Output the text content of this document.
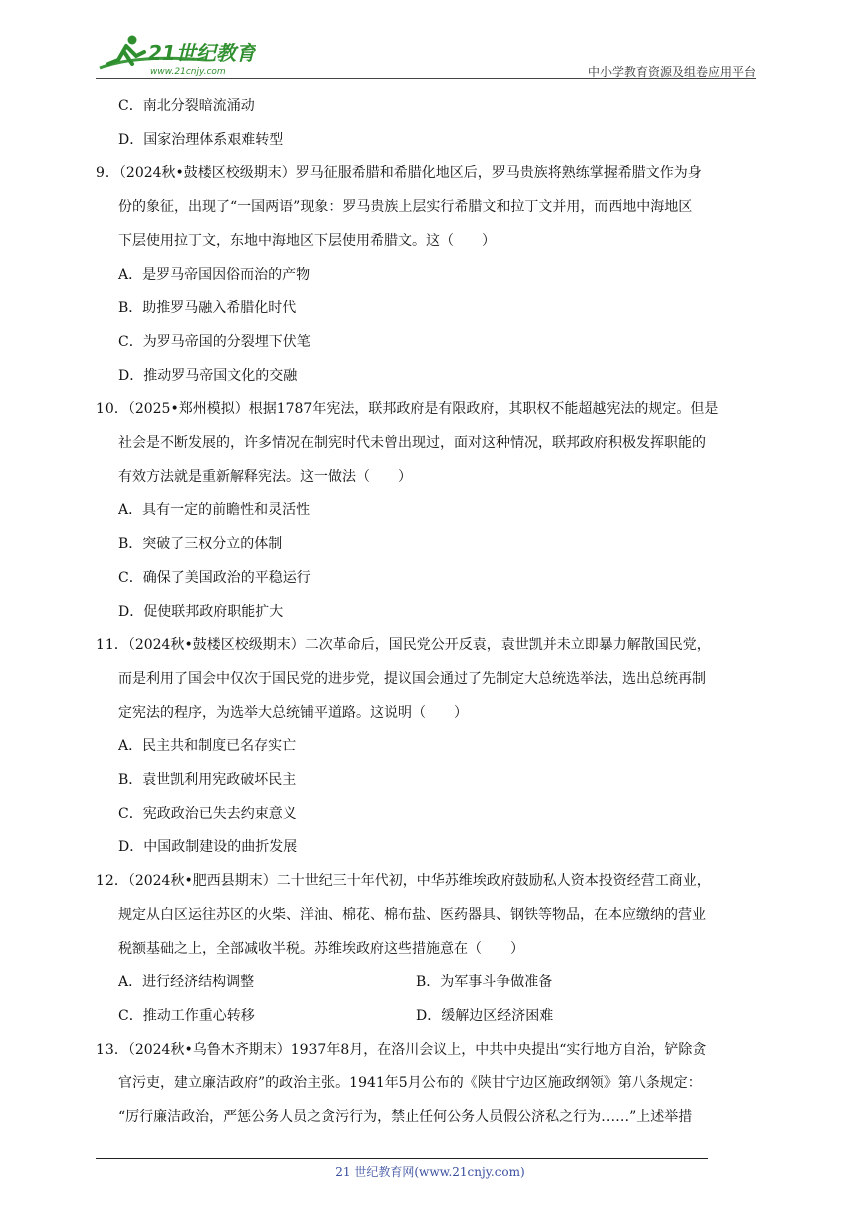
21世纪教育
www.21cnjy.com	中小学教育资源及组卷应用平台
C．南北分裂暗流涌动
D．国家治理体系艰难转型
9．（2024秋•鼓楼区校级期末）罗马征服希腊和希腊化地区后，罗马贵族将熟练掌握希腊文作为身
份的象征，出现了“一国两语”现象：罗马贵族上层实行希腊文和拉丁文并用，而西地中海地区
下层使用拉丁文，东地中海地区下层使用希腊文。这（　　）
A．是罗马帝国因俗而治的产物
B．助推罗马融入希腊化时代
C．为罗马帝国的分裂埋下伏笔
D．推动罗马帝国文化的交融
10．（2025•郑州模拟）根据1787年宪法，联邦政府是有限政府，其职权不能超越宪法的规定。但是
社会是不断发展的，许多情况在制宪时代未曾出现过，面对这种情况，联邦政府积极发挥职能的
有效方法就是重新解释宪法。这一做法（　　）
A．具有一定的前瞻性和灵活性
B．突破了三权分立的体制
C．确保了美国政治的平稳运行
D．促使联邦政府职能扩大
11．（2024秋•鼓楼区校级期末）二次革命后，国民党公开反袁，袁世凯并未立即暴力解散国民党，
而是利用了国会中仅次于国民党的进步党，提议国会通过了先制定大总统选举法，选出总统再制
定宪法的程序，为选举大总统铺平道路。这说明（　　）
A．民主共和制度已名存实亡
B．袁世凯利用宪政破坏民主
C．宪政政治已失去约束意义
D．中国政制建设的曲折发展
12．（2024秋•肥西县期末）二十世纪三十年代初，中华苏维埃政府鼓励私人资本投资经营工商业，
规定从白区运往苏区的火柴、洋油、棉花、棉布盐、医药器具、钢铁等物品，在本应缴纳的营业
税额基础之上，全部减收半税。苏维埃政府这些措施意在（　　）
A．进行经济结构调整	B．为军事斗争做准备
C．推动工作重心转移	D．缓解边区经济困难
13．（2024秋•乌鲁木齐期末）1937年8月，在洛川会议上，中共中央提出“实行地方自治，铲除贪
官污吏，建立廉洁政府”的政治主张。1941年5月公布的《陕甘宁边区施政纲领》第八条规定：
“厉行廉洁政治，严惩公务人员之贪污行为，禁止任何公务人员假公济私之行为……”上述举措
21 世纪教育网(www.21cnjy.com)
